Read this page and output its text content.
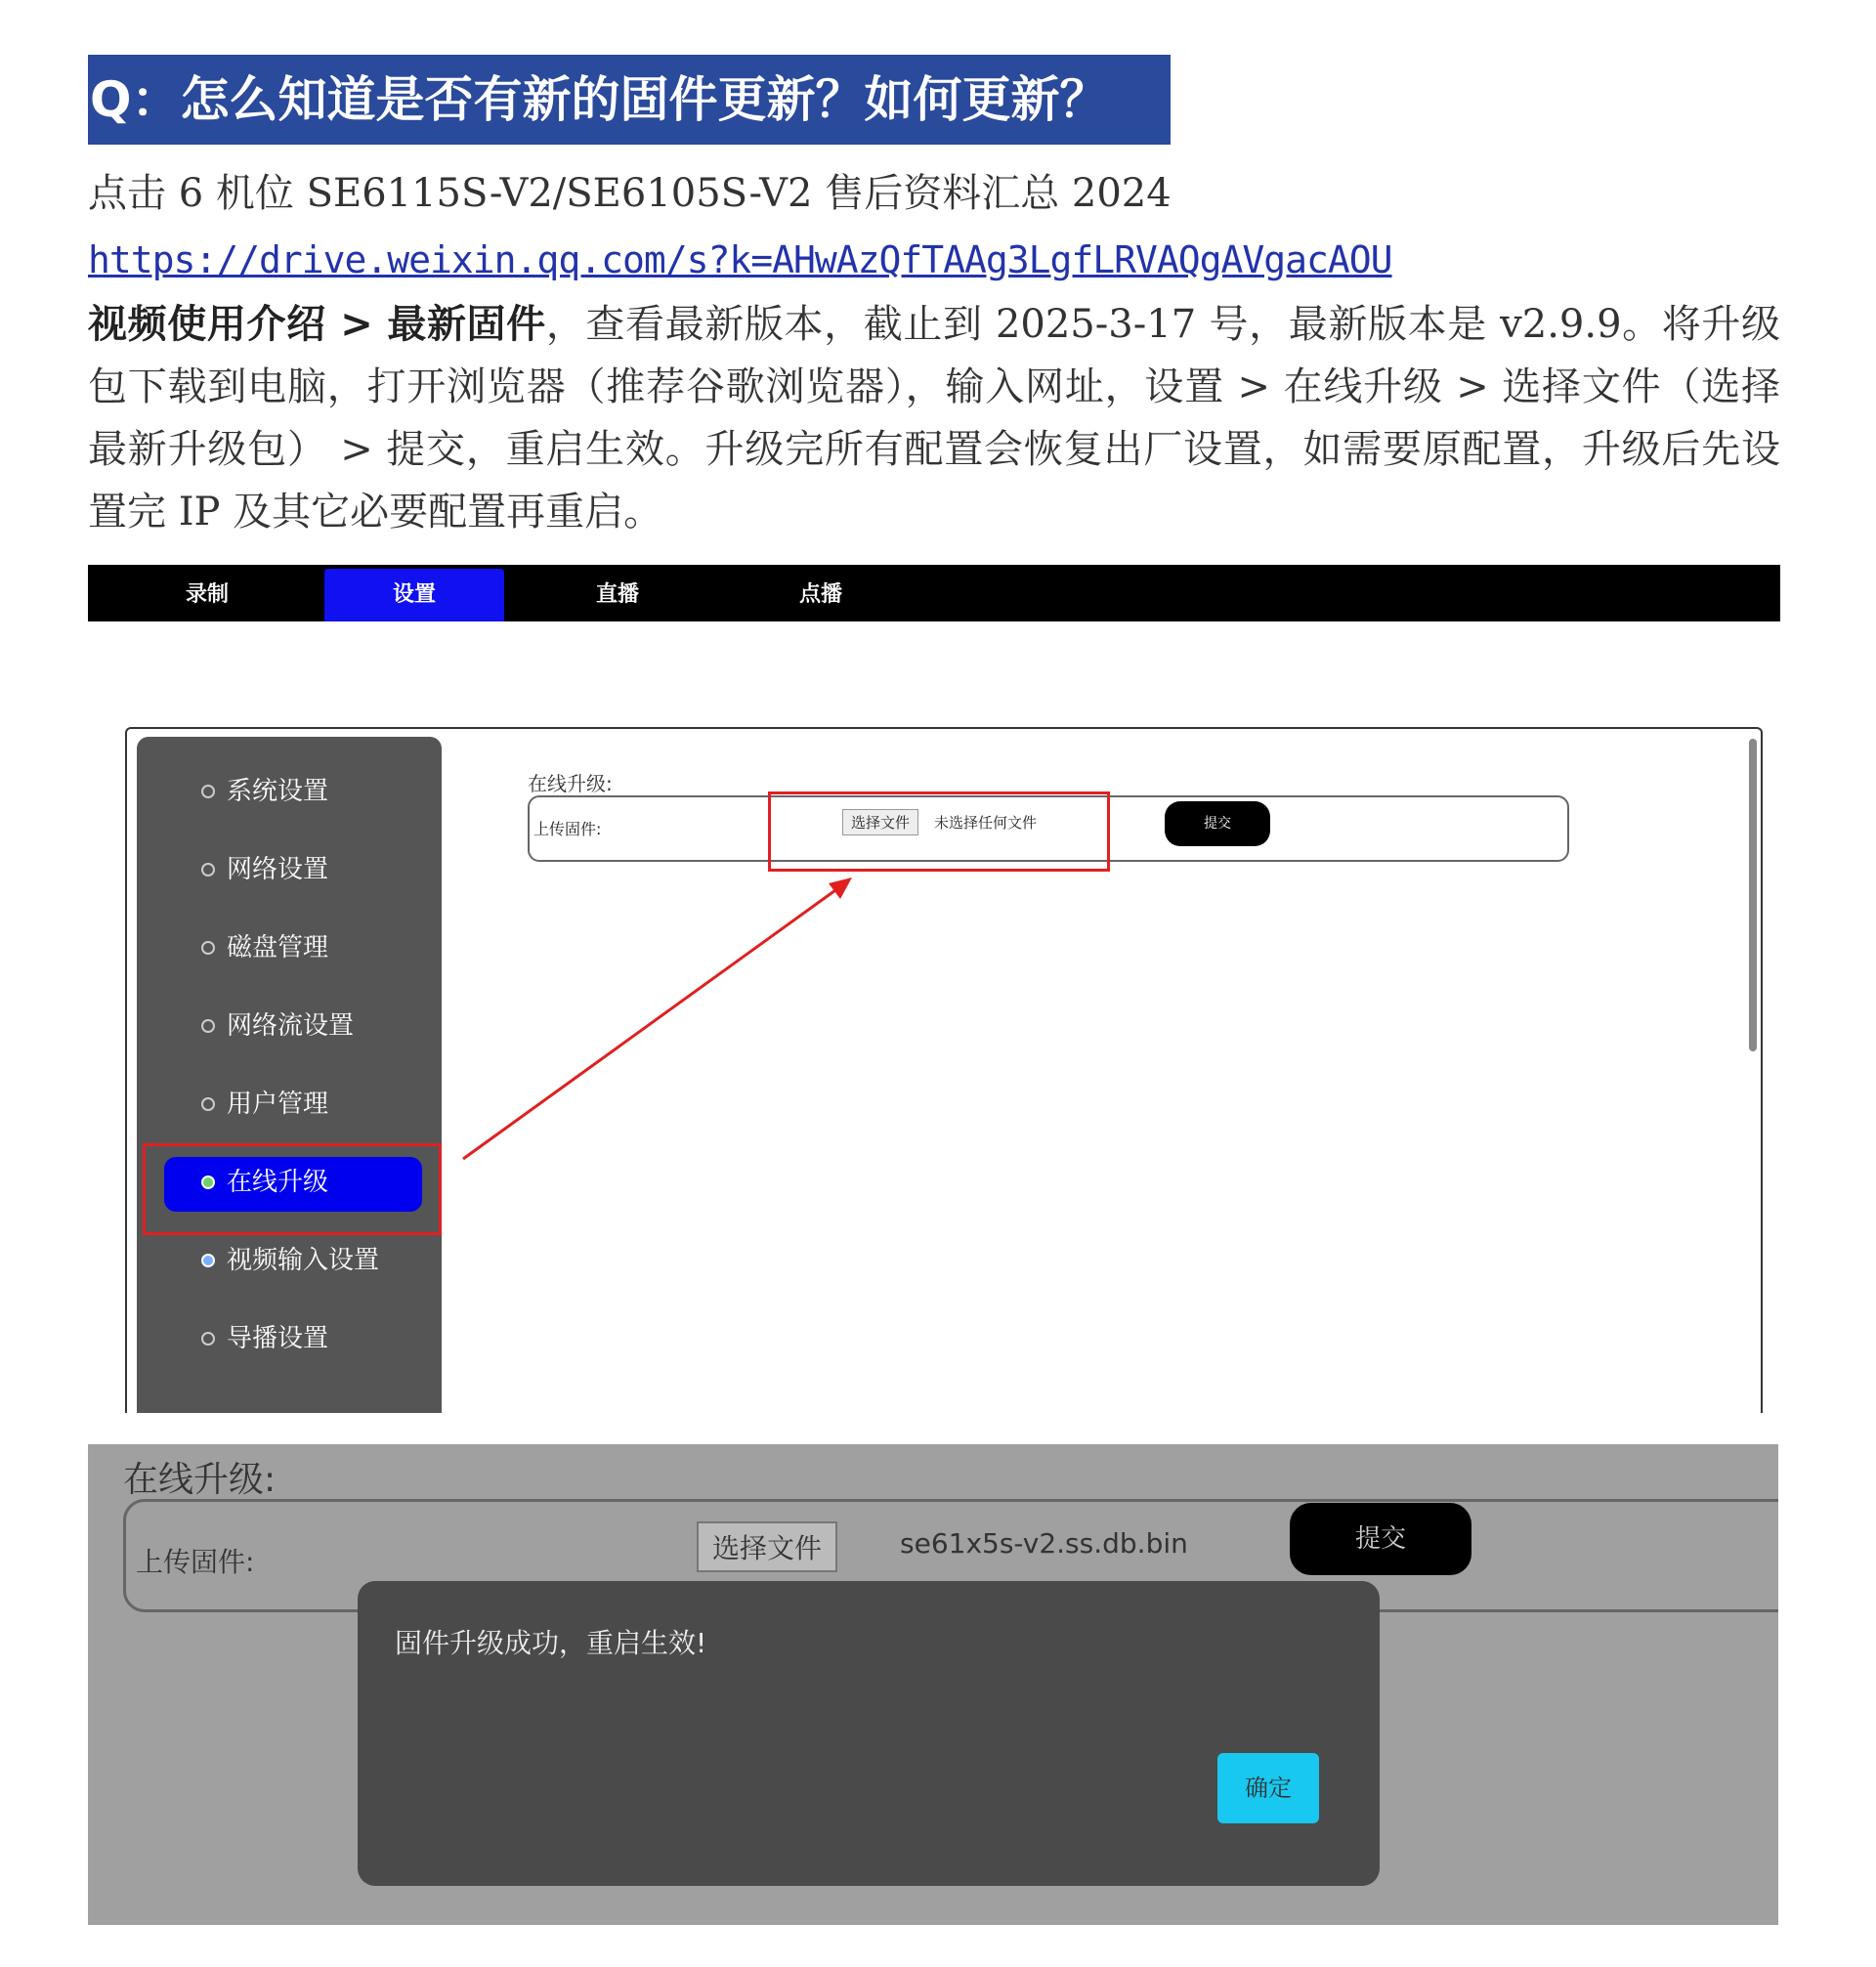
Q：怎么知道是否有新的固件更新？如何更新？
点击 6 机位 SE6115S-V2/SE6105S-V2 售后资料汇总 2024
https://drive.weixin.qq.com/s?k=AHwAzQfTAAg3LgfLRVAQgAVgacAOU
视频使用介绍 > 最新固件，查看最新版本，截止到 2025-3-17 号，最新版本是 v2.9.9。将升级包下载到电脑，打开浏览器（推荐谷歌浏览器），输入网址，设置 > 在线升级 > 选择文件（选择最新升级包） > 提交，重启生效。升级完所有配置会恢复出厂设置，如需要原配置，升级后先设置完 IP 及其它必要配置再重启。
录制	设置	直播	点播
系统设置
网络设置
磁盘管理
网络流设置
用户管理
在线升级
视频输入设置
导播设置
在线升级:
上传固件:	选择文件	未选择任何文件	提交
在线升级:
上传固件:	选择文件	se61x5s-v2.ss.db.bin	提交
固件升级成功，重启生效!
确定
